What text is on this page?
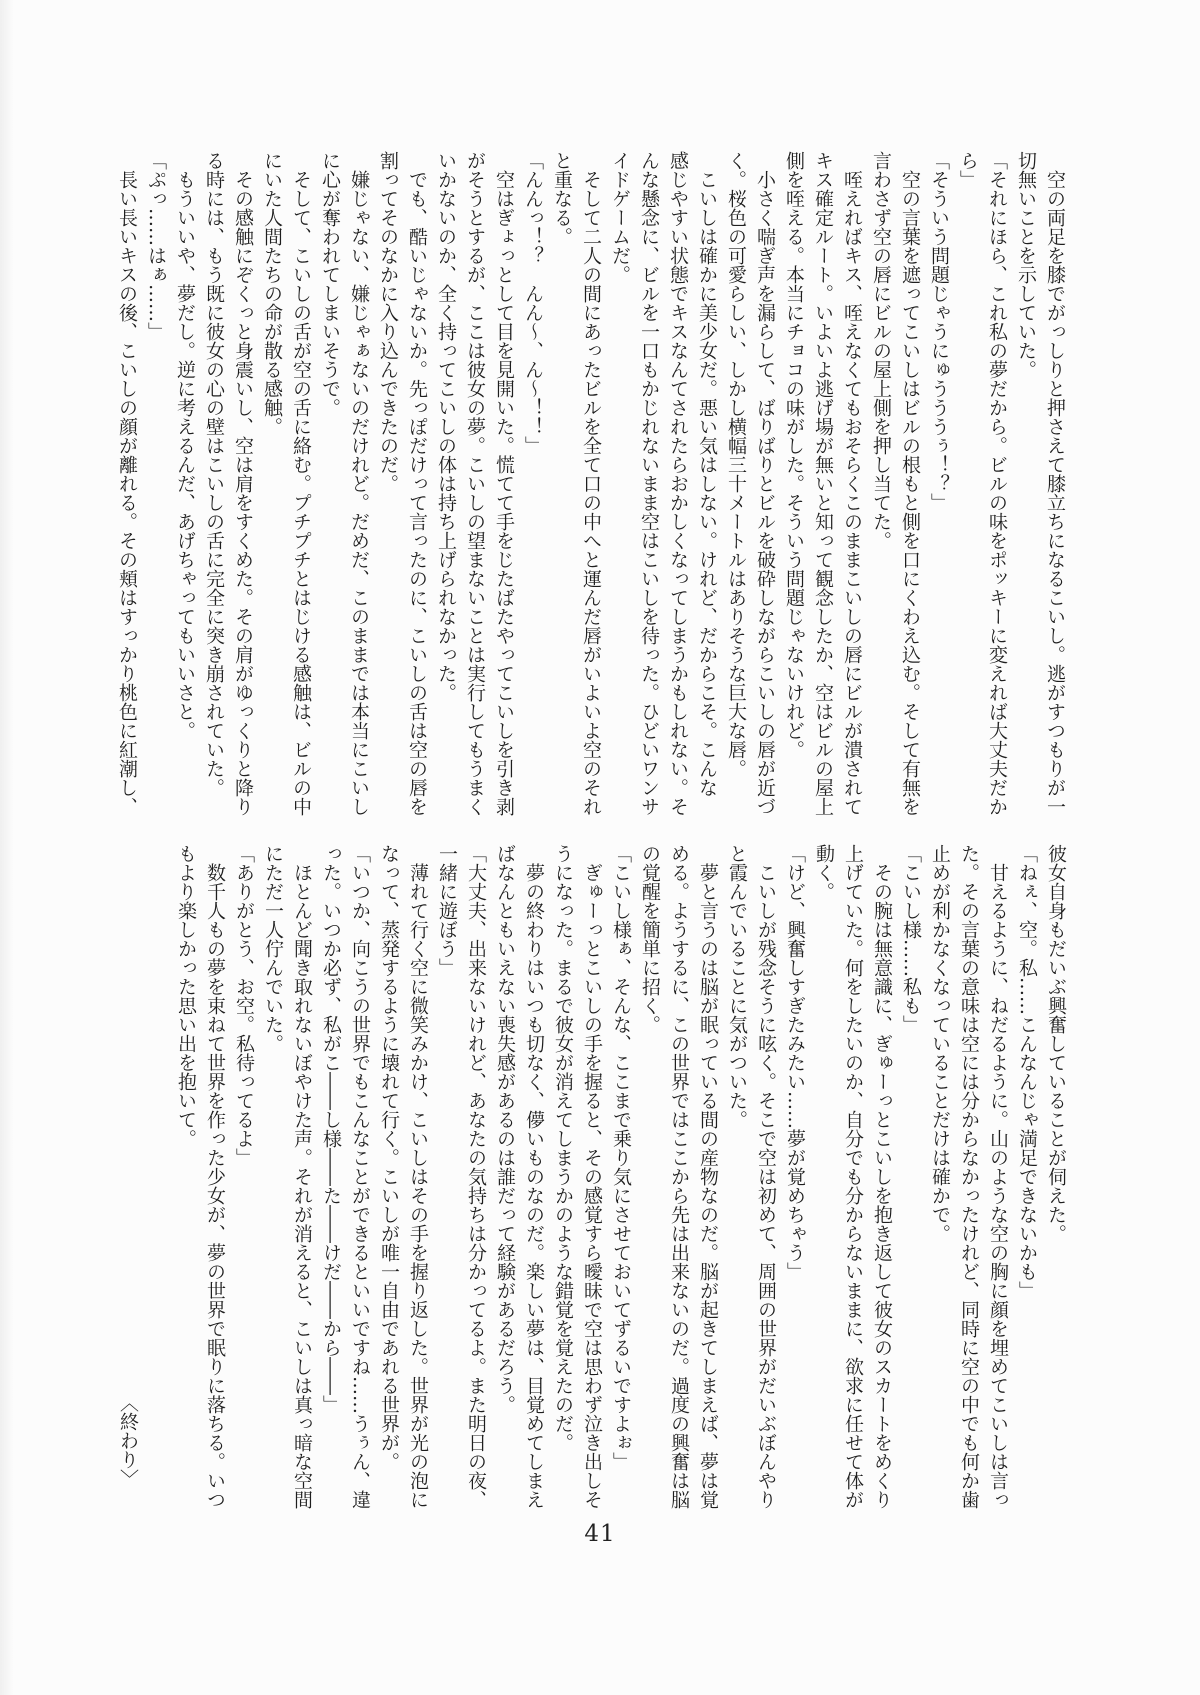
空の両足を膝でがっしりと押さえて膝立ちになるこいし。逃がすつもりが一

切無いことを示していた。

「それにほら、これ私の夢だから。ビルの味をポッキーに変えれば大丈夫だか

ら」

「そういう問題じゃうにゅうううぅ！？」

空の言葉を遮ってこいしはビルの根もと側を口にくわえ込む。そして有無を

言わさず空の唇にビルの屋上側を押し当てた。

咥えればキス、咥えなくてもおそらくこのままこいしの唇にビルが潰されて

キス確定ルート。いよいよ逃げ場が無いと知って観念したか、空はビルの屋上

側を咥える。本当にチョコの味がした。そういう問題じゃないけれど。

小さく喘ぎ声を漏らして、ばりばりとビルを破砕しながらこいしの唇が近づ

く。桜色の可愛らしい、しかし横幅三十メートルはありそうな巨大な唇。

こいしは確かに美少女だ。悪い気はしない。けれど、だからこそ。こんな

感じやすい状態でキスなんてされたらおかしくなってしまうかもしれない。そ

んな懸念に、ビルを一口もかじれないまま空はこいしを待った。ひどいワンサ

イドゲームだ。

そして二人の間にあったビルを全て口の中へと運んだ唇がいよいよ空のそれ

と重なる。

「んんっ！？　んん～、ん～！！」

空はぎょっとして目を見開いた。慌てて手をじたばたやってこいしを引き剥

がそうとするが、ここは彼女の夢。こいしの望まないことは実行してもうまく

いかないのか、全く持ってこいしの体は持ち上げられなかった。

でも、酷いじゃないか。先っぽだけって言ったのに、こいしの舌は空の唇を

割ってそのなかに入り込んできたのだ。

嫌じゃない、嫌じゃぁないのだけれど。だめだ、このままでは本当にこいし

に心が奪われてしまいそうで。

そして、こいしの舌が空の舌に絡む。プチプチとはじける感触は、ビルの中

にいた人間たちの命が散る感触。

その感触にぞくっと身震いし、空は肩をすくめた。その肩がゆっくりと降り

る時には、もう既に彼女の心の壁はこいしの舌に完全に突き崩されていた。

もういいや、夢だし。逆に考えるんだ、あげちゃってもいいさと。

「ぷっ……はぁ……」

長い長いキスの後、こいしの顔が離れる。その頬はすっかり桃色に紅潮し、

彼女自身もだいぶ興奮していることが伺えた。

「ねぇ、空。私……こんなんじゃ満足できないかも」

甘えるように、ねだるように。山のような空の胸に顔を埋めてこいしは言っ

た。その言葉の意味は空には分からなかったけれど、同時に空の中でも何か歯

止めが利かなくなっていることだけは確かで。

「こいし様……私も」

その腕は無意識に、ぎゅーっとこいしを抱き返して彼女のスカートをめくり

上げていた。何をしたいのか、自分でも分からないままに、欲求に任せて体が

動く。

「けど、興奮しすぎたみたい……夢が覚めちゃう」

こいしが残念そうに呟く。そこで空は初めて、周囲の世界がだいぶぼんやり

と霞んでいることに気がついた。

夢と言うのは脳が眠っている間の産物なのだ。脳が起きてしまえば、夢は覚

める。ようするに、この世界ではここから先は出来ないのだ。過度の興奮は脳

の覚醒を簡単に招く。

「こいし様ぁ、そんな、ここまで乗り気にさせておいてずるいですよぉ」

ぎゅーっとこいしの手を握ると、その感覚すら曖昧で空は思わず泣き出しそ

うになった。まるで彼女が消えてしまうかのような錯覚を覚えたのだ。

夢の終わりはいつも切なく、儚いものなのだ。楽しい夢は、目覚めてしまえ

ばなんともいえない喪失感があるのは誰だって経験があるだろう。

「大丈夫、出来ないけれど、あなたの気持ちは分かってるよ。また明日の夜、

一緒に遊ぼう」

薄れて行く空に微笑みかけ、こいしはその手を握り返した。世界が光の泡に

なって、蒸発するように壊れて行く。こいしが唯一自由であれる世界が。

「いつか、向こうの世界でもこんなことができるといいですね……うぅん、違

った。いつか必ず、私がこ――し様――た――けだ――から――」

ほとんど聞き取れないぼやけた声。それが消えると、こいしは真っ暗な空間

にただ一人佇んでいた。

「ありがとう、お空。私待ってるよ」

数千人もの夢を束ねて世界を作った少女が、夢の世界で眠りに落ちる。いつ

もより楽しかった思い出を抱いて。

〈終わり〉

41
